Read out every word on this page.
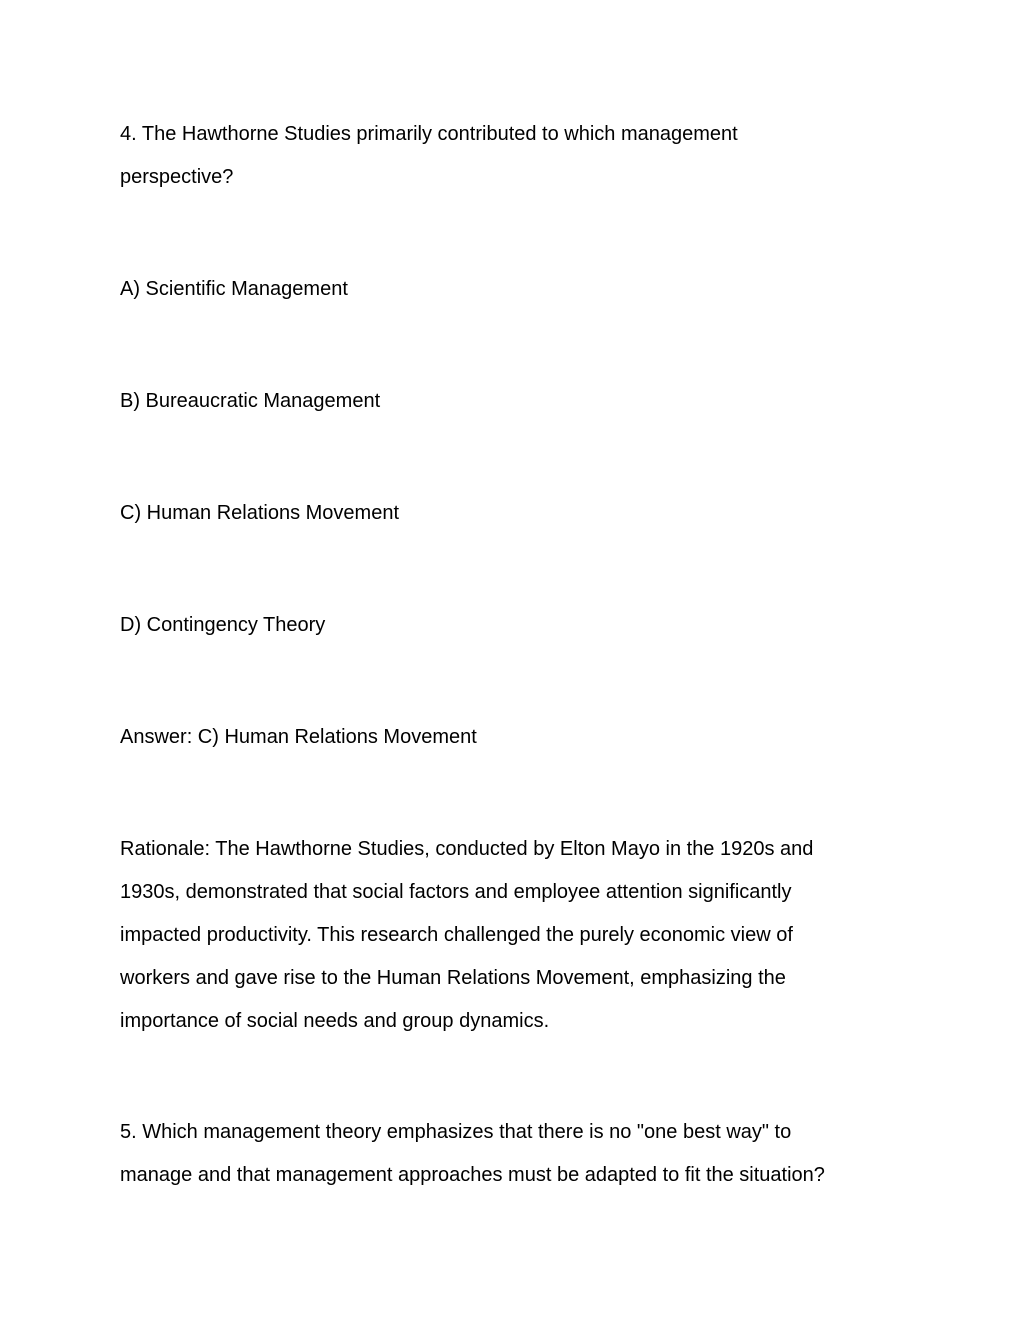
4. The Hawthorne Studies primarily contributed to which management
perspective?
A) Scientific Management
B) Bureaucratic Management
C) Human Relations Movement
D) Contingency Theory
Answer: C) Human Relations Movement
Rationale: The Hawthorne Studies, conducted by Elton Mayo in the 1920s and
1930s, demonstrated that social factors and employee attention significantly
impacted productivity. This research challenged the purely economic view of
workers and gave rise to the Human Relations Movement, emphasizing the
importance of social needs and group dynamics.
5. Which management theory emphasizes that there is no "one best way" to
manage and that management approaches must be adapted to fit the situation?
